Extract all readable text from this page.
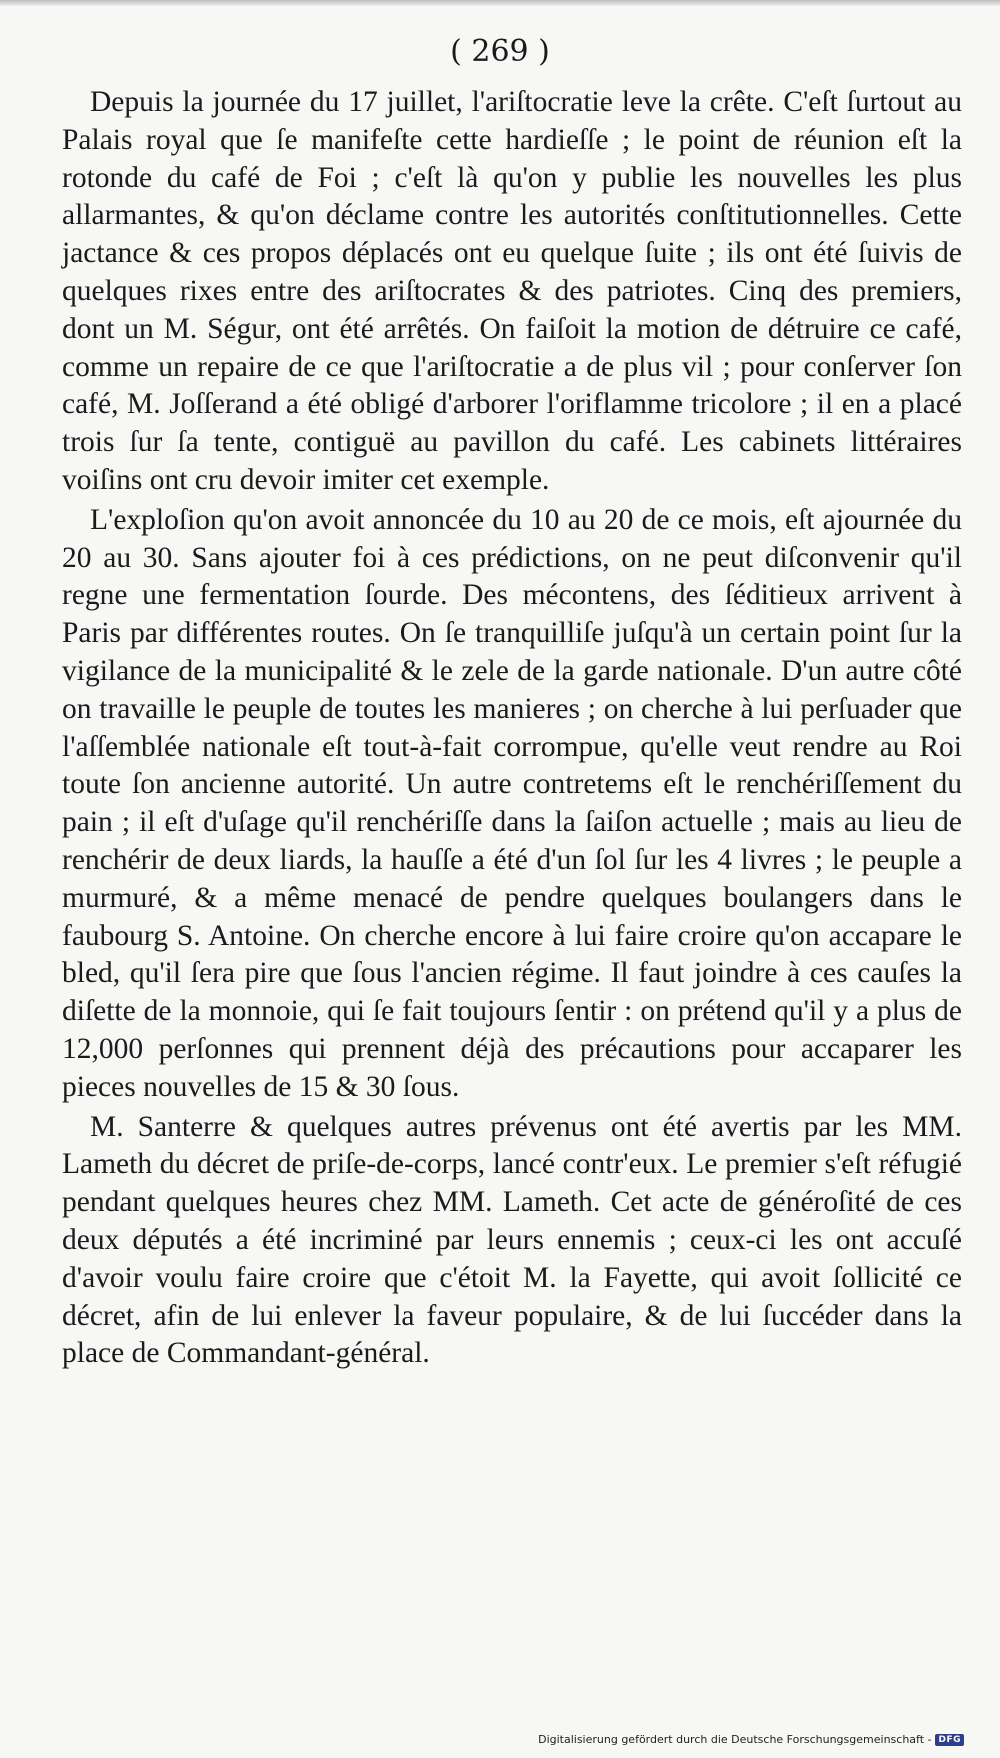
( 269 )

Depuis la journée du 17 juillet, l'ariſtocratie leve la crête. C'eſt ſurtout au Palais royal que ſe manifeſte cette hardieſſe ; le point de réunion eſt la rotonde du café de Foi ; c'eſt là qu'on y publie les nouvelles les plus allarmantes, & qu'on déclame contre les autorités conſtitutionnelles. Cette jactance & ces propos déplacés ont eu quelque ſuite ; ils ont été ſuivis de quelques rixes entre des ariſtocrates & des patriotes. Cinq des premiers, dont un M. Ségur, ont été arrêtés. On faiſoit la motion de détruire ce café, comme un repaire de ce que l'ariſtocratie a de plus vil ; pour conſerver ſon café, M. Joſſerand a été obligé d'arborer l'oriflamme tricolore ; il en a placé trois ſur ſa tente, contiguë au pavillon du café. Les cabinets littéraires voiſins ont cru devoir imiter cet exemple.

L'exploſion qu'on avoit annoncée du 10 au 20 de ce mois, eſt ajournée du 20 au 30. Sans ajouter foi à ces prédictions, on ne peut diſconvenir qu'il regne une fermentation ſourde. Des mécontens, des ſéditieux arrivent à Paris par différentes routes. On ſe tranquilliſe juſqu'à un certain point ſur la vigilance de la municipalité & le zele de la garde nationale. D'un autre côté on travaille le peuple de toutes les manieres ; on cherche à lui perſuader que l'aſſemblée nationale eſt tout-à-fait corrompue, qu'elle veut rendre au Roi toute ſon ancienne autorité. Un autre contretems eſt le renchériſſement du pain ; il eſt d'uſage qu'il renchériſſe dans la ſaiſon actuelle ; mais au lieu de renchérir de deux liards, la hauſſe a été d'un ſol ſur les 4 livres ; le peuple a murmuré, & a même menacé de pendre quelques boulangers dans le faubourg S. Antoine. On cherche encore à lui faire croire qu'on accapare le bled, qu'il ſera pire que ſous l'ancien régime. Il faut joindre à ces cauſes la diſette de la monnoie, qui ſe fait toujours ſentir : on prétend qu'il y a plus de 12,000 perſonnes qui prennent déjà des précautions pour accaparer les pieces nouvelles de 15 & 30 ſous.

M. Santerre & quelques autres prévenus ont été avertis par les MM. Lameth du décret de priſe-de-corps, lancé contr'eux. Le premier s'eſt réfugié pendant quelques heures chez MM. Lameth. Cet acte de généroſité de ces deux députés a été incriminé par leurs ennemis ; ceux-ci les ont accuſé d'avoir voulu faire croire que c'étoit M. la Fayette, qui avoit ſollicité ce décret, afin de lui enlever la faveur populaire, & de lui ſuccéder dans la place de Commandant-général.

Digitalisierung gefördert durch die Deutsche Forschungsgemeinschaft - DFG
